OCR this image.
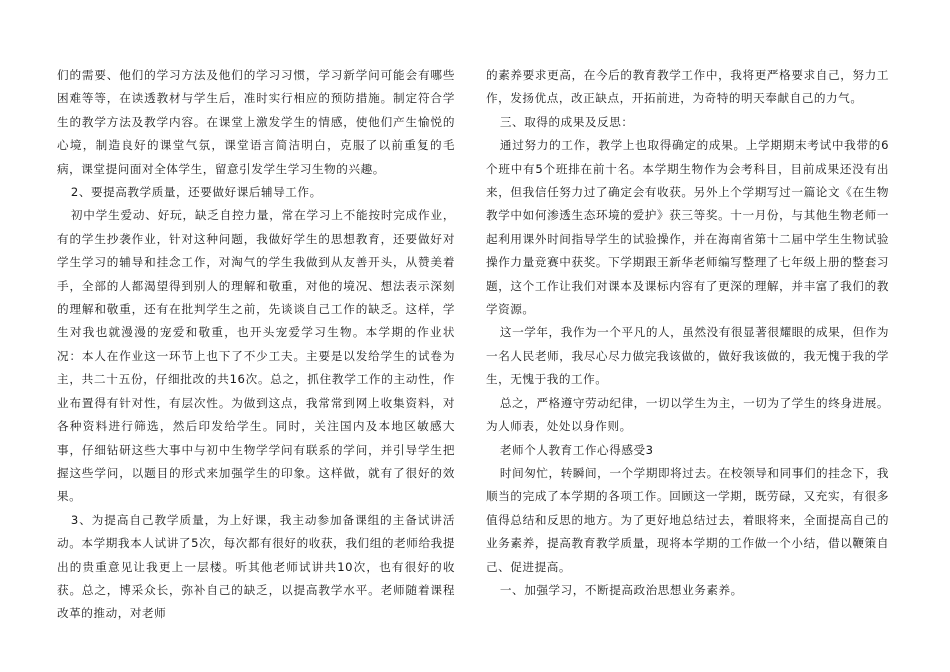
们的需要、他们的学习方法及他们的学习习惯，学习新学问可能会有哪些困难等等，在读透教材与学生后，准时实行相应的预防措施。制定符合学生的教学方法及教学内容。在课堂上激发学生的情感，使他们产生愉悦的心境，制造良好的课堂气氛，课堂语言简洁明白，克服了以前重复的毛病，课堂提问面对全体学生，留意引发学生学习生物的兴趣。

2、要提高教学质量，还要做好课后辅导工作。

初中学生爱动、好玩，缺乏自控力量，常在学习上不能按时完成作业，有的学生抄袭作业，针对这种问题，我做好学生的思想教育，还要做好对学生学习的辅导和挂念工作，对淘气的学生我做到从友善开头，从赞美着手，全部的人都渴望得到别人的理解和敬重，对他的境况、想法表示深刻的理解和敬重，还有在批判学生之前，先谈谈自己工作的缺乏。这样，学生对我也就漫漫的宠爱和敬重，也开头宠爱学习生物。本学期的作业状况：本人在作业这一环节上也下了不少工夫。主要是以发给学生的试卷为主，共二十五份，仔细批改的共16次。总之，抓住教学工作的主动性，作业布置得有针对性，有层次性。为做到这点，我常常到网上收集资料，对各种资料进行筛选，然后印发给学生。同时，关注国内及本地区敏感大事，仔细钻研这些大事中与初中生物学学问有联系的学问，并引导学生把握这些学问，以题目的形式来加强学生的印象。这样做，就有了很好的效果。

3、为提高自己教学质量，为上好课，我主动参加备课组的主备试讲活动。本学期我本人试讲了5次，每次都有很好的收获，我们组的老师给我提出的贵重意见让我更上一层楼。听其他老师试讲共10次，也有很好的收获。总之，博采众长，弥补自己的缺乏，以提高教学水平。老师随着课程改革的推动，对老师

的素养要求更高，在今后的教育教学工作中，我将更严格要求自己，努力工作，发扬优点，改正缺点，开拓前进，为奇特的明天奉献自己的力气。

三、取得的成果及反思：

通过努力的工作，教学上也取得确定的成果。上学期期末考试中我带的6个班中有5个班排在前十名。本学期生物作为会考科目，目前成果还没有出来，但我信任努力过了确定会有收获。另外上个学期写过一篇论文《在生物教学中如何渗透生态环境的爱护》获三等奖。十一月份，与其他生物老师一起利用课外时间指导学生的试验操作，并在海南省第十二届中学生生物试验操作力量竞赛中获奖。下学期跟王新华老师编写整理了七年级上册的整套习题，这个工作让我们对课本及课标内容有了更深的理解，并丰富了我们的教学资源。

这一学年，我作为一个平凡的人，虽然没有很显著很耀眼的成果，但作为一名人民老师，我尽心尽力做完我该做的，做好我该做的，我无愧于我的学生，无愧于我的工作。

总之，严格遵守劳动纪律，一切以学生为主，一切为了学生的终身进展。为人师表，处处以身作则。

老师个人教育工作心得感受3

时间匆忙，转瞬间，一个学期即将过去。在校领导和同事们的挂念下，我顺当的完成了本学期的各项工作。回顾这一学期，既劳碌，又充实，有很多值得总结和反思的地方。为了更好地总结过去，着眼将来，全面提高自己的业务素养，提高教育教学质量，现将本学期的工作做一个小结，借以鞭策自己、促进提高。

一、加强学习，不断提高政治思想业务素养。
